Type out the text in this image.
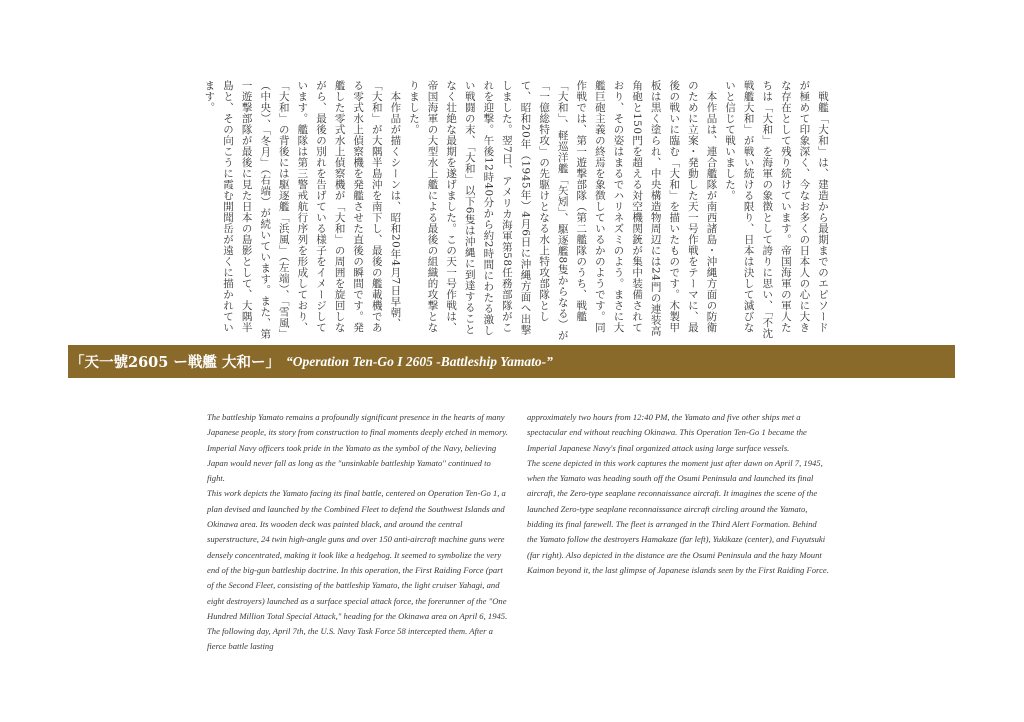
戦艦「大和」は、建造から最期までのエピソードが極めて印象深く、今なお多くの日本人の心に大きな存在として残り続けています。帝国海軍の軍人たちは「大和」を海軍の象徴として誇りに思い、「不沈戦艦大和」が戦い続ける限り、日本は決して滅びないと信じて戦いました。

本作品は、連合艦隊が南西諸島・沖縄方面の防衛のために立案・発動した天一号作戦をテーマに、最後の戦いに臨む「大和」を描いたものです。木製甲板は黒く塗られ、中央構造物周辺には24門の連装高角砲と150門を超える対空機関銃が集中装備されており、その姿はまるでハリネズミのよう。まさに大艦巨砲主義の終焉を象徴しているかのようです。同作戦では、第一遊撃部隊（第二艦隊のうち、戦艦「大和」、軽巡洋艦「矢矧」、駆逐艦8隻からなる）が「一億総特攻」の先駆けとなる水上特攻部隊として、昭和20年（1945年）4月6日に沖縄方面へ出撃しました。翌7日、アメリカ海軍第58任務部隊がこれを迎撃。午後12時40分から約2時間にわたる激しい戦闘の末、「大和」以下6隻は沖縄に到達することなく壮絶な最期を遂げました。この天一号作戦は、帝国海軍の大型水上艦による最後の組織的攻撃となりました。

本作品が描くシーンは、昭和20年4月7日早朝、「大和」が大隅半島沖を南下し、最後の艦載機である零式水上偵察機を発艦させた直後の瞬間です。発艦した零式水上偵察機が「大和」の周囲を旋回しながら、最後の別れを告げている様子をイメージしています。艦隊は第三警戒航行序列を形成しており、「大和」の背後には駆逐艦「浜風」（左端）、「雪風」（中央）、「冬月」（右端）が続いています。また、第一遊撃部隊が最後に見た日本の島影として、大隅半島と、その向こうに霞む開聞岳が遠くに描かれています。

「天一號2605 ー戦艦 大和ー」 “Operation Ten-Go I 2605 -Battleship Yamato-”

The battleship Yamato remains a profoundly significant presence in the hearts of many Japanese people, its story from construction to final moments deeply etched in memory. Imperial Navy officers took pride in the Yamato as the symbol of the Navy, believing Japan would never fall as long as the "unsinkable battleship Yamato" continued to fight.

This work depicts the Yamato facing its final battle, centered on Operation Ten-Go 1, a plan devised and launched by the Combined Fleet to defend the Southwest Islands and Okinawa area. Its wooden deck was painted black, and around the central superstructure, 24 twin high-angle guns and over 150 anti-aircraft machine guns were densely concentrated, making it look like a hedgehog. It seemed to symbolize the very end of the big-gun battleship doctrine. In this operation, the First Raiding Force (part of the Second Fleet, consisting of the battleship Yamato, the light cruiser Yahagi, and eight destroyers) launched as a surface special attack force, the forerunner of the "One Hundred Million Total Special Attack," heading for the Okinawa area on April 6, 1945. The following day, April 7th, the U.S. Navy Task Force 58 intercepted them. After a fierce battle lasting

approximately two hours from 12:40 PM, the Yamato and five other ships met a spectacular end without reaching Okinawa. This Operation Ten-Go 1 became the Imperial Japanese Navy's final organized attack using large surface vessels.

The scene depicted in this work captures the moment just after dawn on April 7, 1945, when the Yamato was heading south off the Osumi Peninsula and launched its final aircraft, the Zero-type seaplane reconnaissance aircraft. It imagines the scene of the launched Zero-type seaplane reconnaissance aircraft circling around the Yamato, bidding its final farewell. The fleet is arranged in the Third Alert Formation. Behind the Yamato follow the destroyers Hamakaze (far left), Yukikaze (center), and Fuyutsuki (far right). Also depicted in the distance are the Osumi Peninsula and the hazy Mount Kaimon beyond it, the last glimpse of Japanese islands seen by the First Raiding Force.
